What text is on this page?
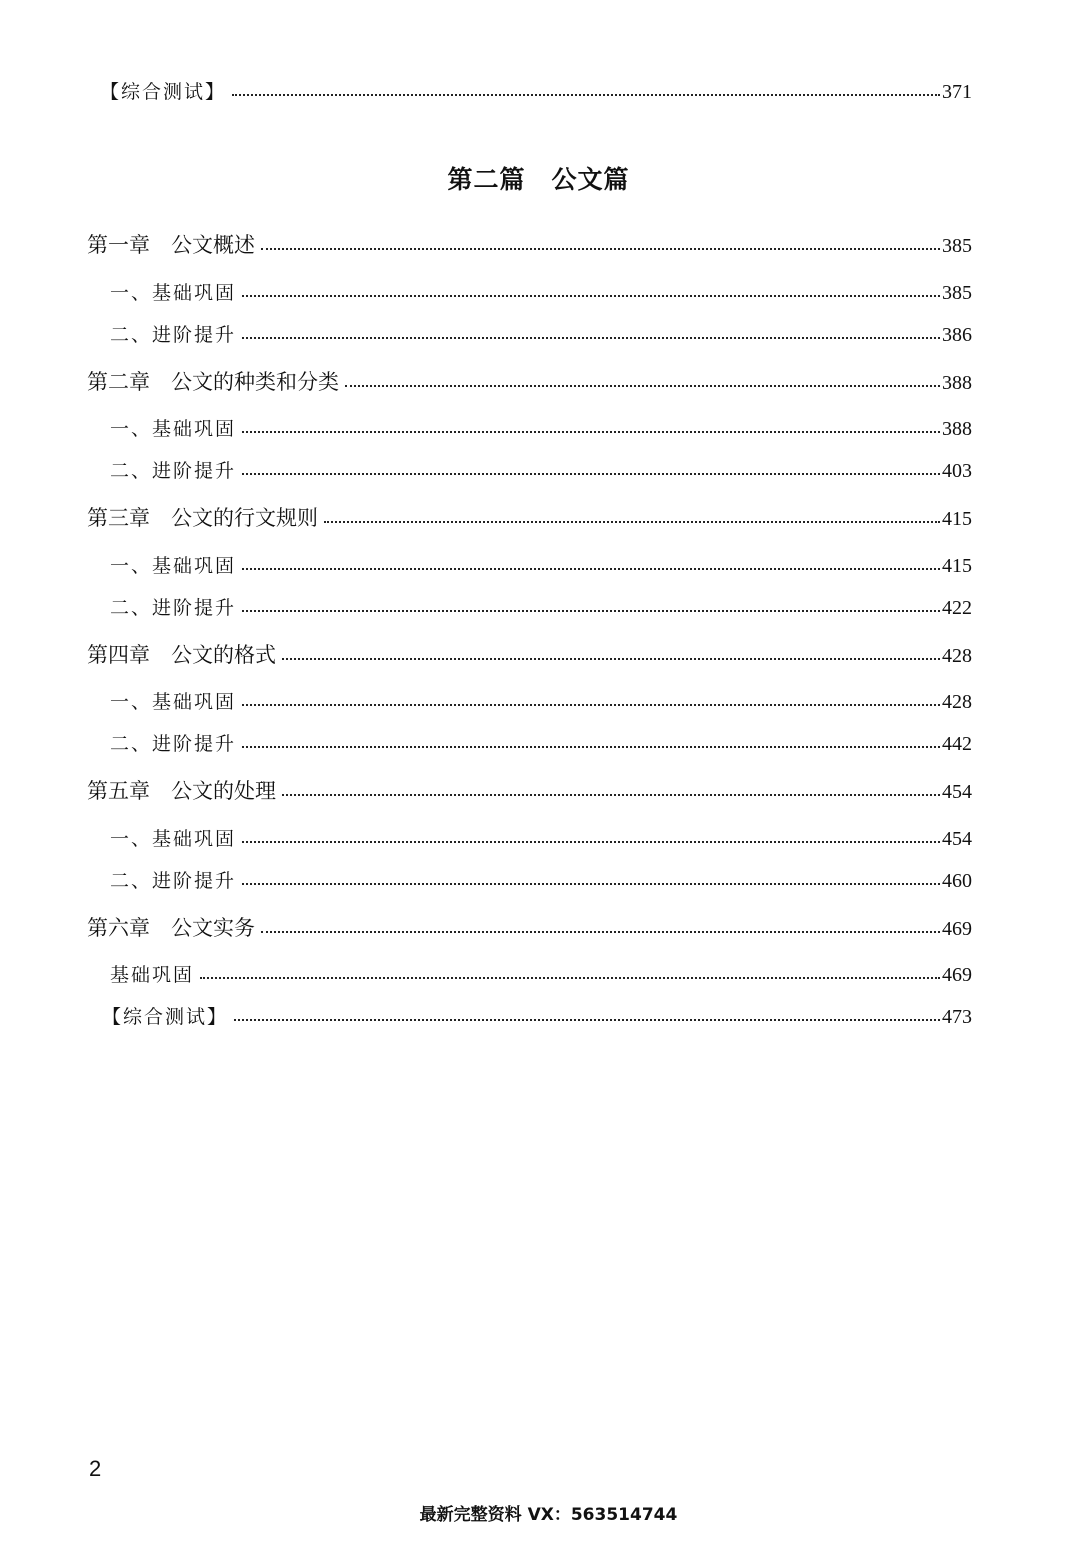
【综合测试】	371
第二篇　公文篇
第一章　公文概述	385
一、基础巩固	385
二、进阶提升	386
第二章　公文的种类和分类	388
一、基础巩固	388
二、进阶提升	403
第三章　公文的行文规则	415
一、基础巩固	415
二、进阶提升	422
第四章　公文的格式	428
一、基础巩固	428
二、进阶提升	442
第五章　公文的处理	454
一、基础巩固	454
二、进阶提升	460
第六章　公文实务	469
基础巩固	469
【综合测试】	473
2
最新完整资料 VX：563514744
